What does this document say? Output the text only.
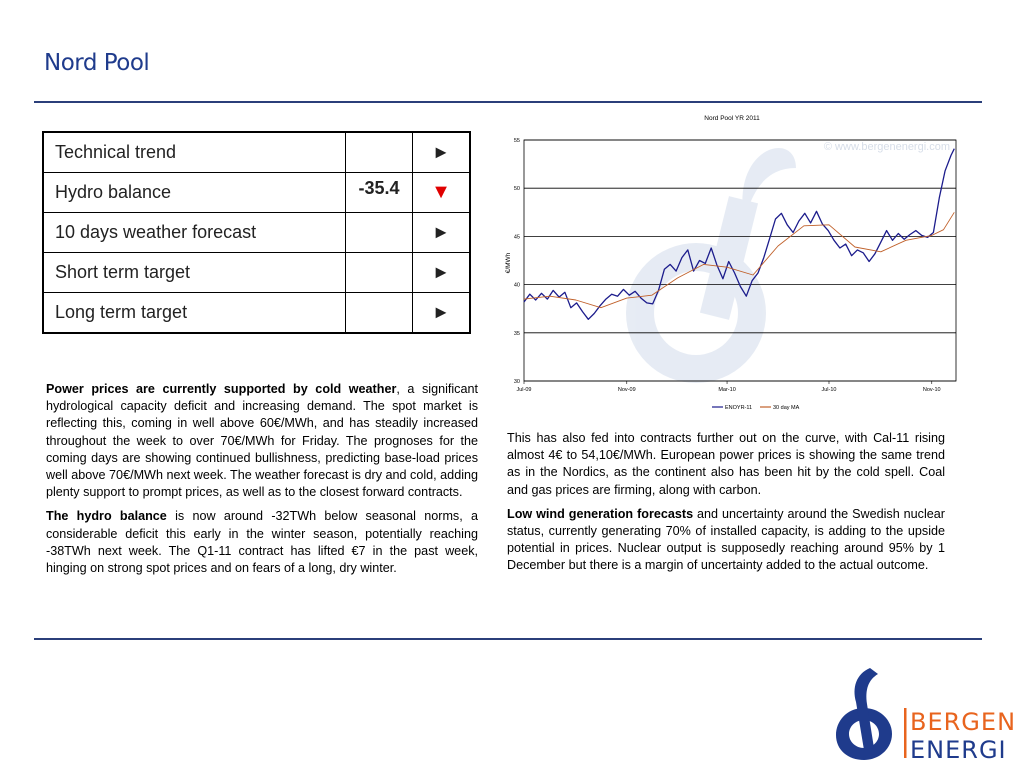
Nord Pool
Technical trend		►
Hydro balance	-35.4	▼
10 days weather forecast		►
Short term target		►
Long term target		►
© www.bergenenergi.com
Nord Pool YR 2011
€/MWh
30
35
40
45
50
55
Jul-09	Nov-09	Mar-10	Jul-10	Nov-10
ENOYR-11	30 day MA

Power prices are currently supported by cold weather, a significant hydrological capacity deficit and increasing demand. The spot market is reflecting this, coming in well above 60€/MWh, and has steadily increased throughout the week to over 70€/MWh for Friday. The prognoses for the coming days are showing continued bullishness, predicting base-load prices well above 70€/MWh next week. The weather forecast is dry and cold, adding plenty support to prompt prices, as well as to the closest forward contracts.

The hydro balance is now around -32TWh below seasonal norms, a considerable deficit this early in the winter season, potentially reaching -38TWh next week. The Q1-11 contract has lifted €7 in the past week, hinging on strong spot prices and on fears of a long, dry winter.

This has also fed into contracts further out on the curve, with Cal-11 rising almost 4€ to 54,10€/MWh. European power prices is showing the same trend as in the Nordics, as the continent also has been hit by the cold spell. Coal and gas prices are firming, along with carbon.

Low wind generation forecasts and uncertainty around the Swedish nuclear status, currently generating 70% of installed capacity, is adding to the upside potential in prices. Nuclear output is supposedly reaching around 95% by 1 December but there is a margin of uncertainty added to the actual outcome.

BERGEN
ENERGI
